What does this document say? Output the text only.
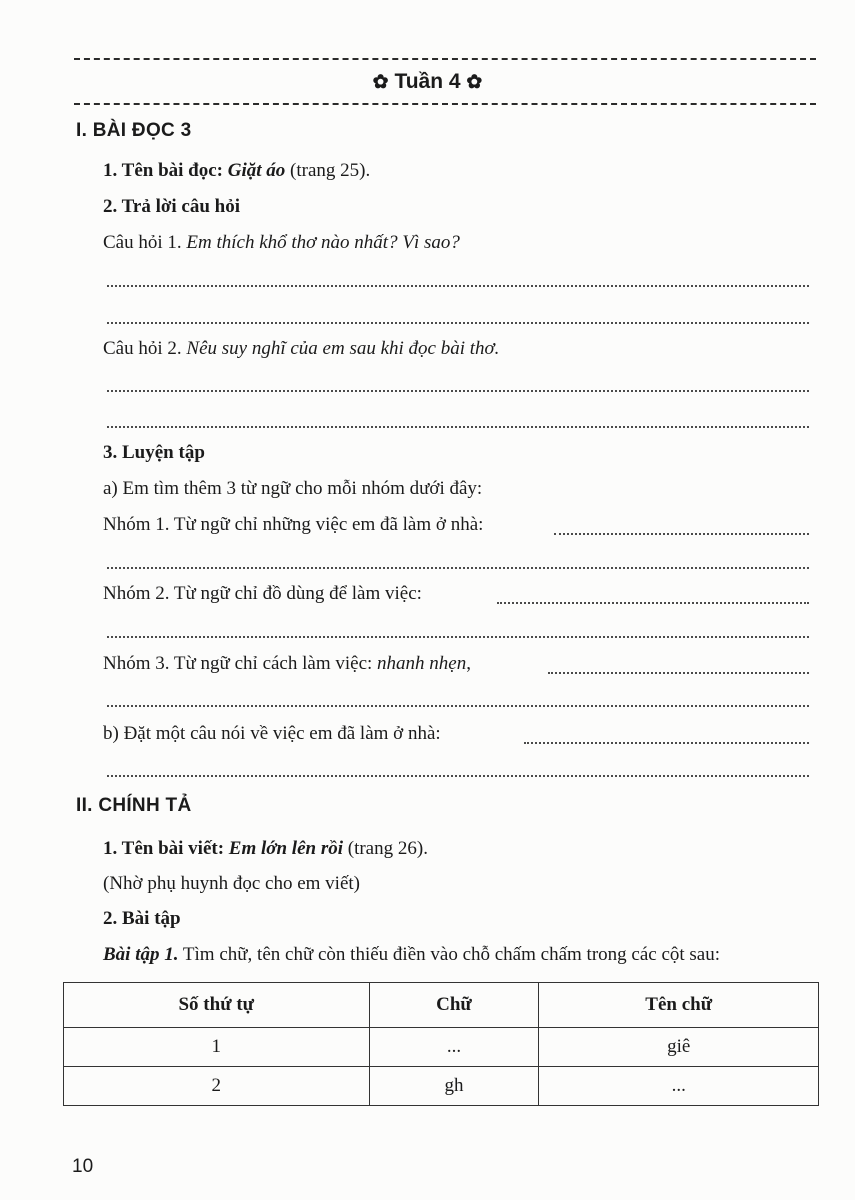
✿ Tuần 4 ✿
I. BÀI ĐỌC 3
1. Tên bài đọc: Giặt áo (trang 25).
2. Trả lời câu hỏi
Câu hỏi 1. Em thích khổ thơ nào nhất? Vì sao?
Câu hỏi 2. Nêu suy nghĩ của em sau khi đọc bài thơ.
3. Luyện tập
a) Em tìm thêm 3 từ ngữ cho mỗi nhóm dưới đây:
Nhóm 1. Từ ngữ chỉ những việc em đã làm ở nhà:
Nhóm 2. Từ ngữ chỉ đồ dùng để làm việc:
Nhóm 3. Từ ngữ chỉ cách làm việc: nhanh nhẹn,
b) Đặt một câu nói về việc em đã làm ở nhà:
II. CHÍNH TẢ
1. Tên bài viết: Em lớn lên rồi (trang 26).
(Nhờ phụ huynh đọc cho em viết)
2. Bài tập
Bài tập 1. Tìm chữ, tên chữ còn thiếu điền vào chỗ chấm chấm trong các cột sau:
Số thứ tự	Chữ	Tên chữ
1	...	giê
2	gh	...
10
